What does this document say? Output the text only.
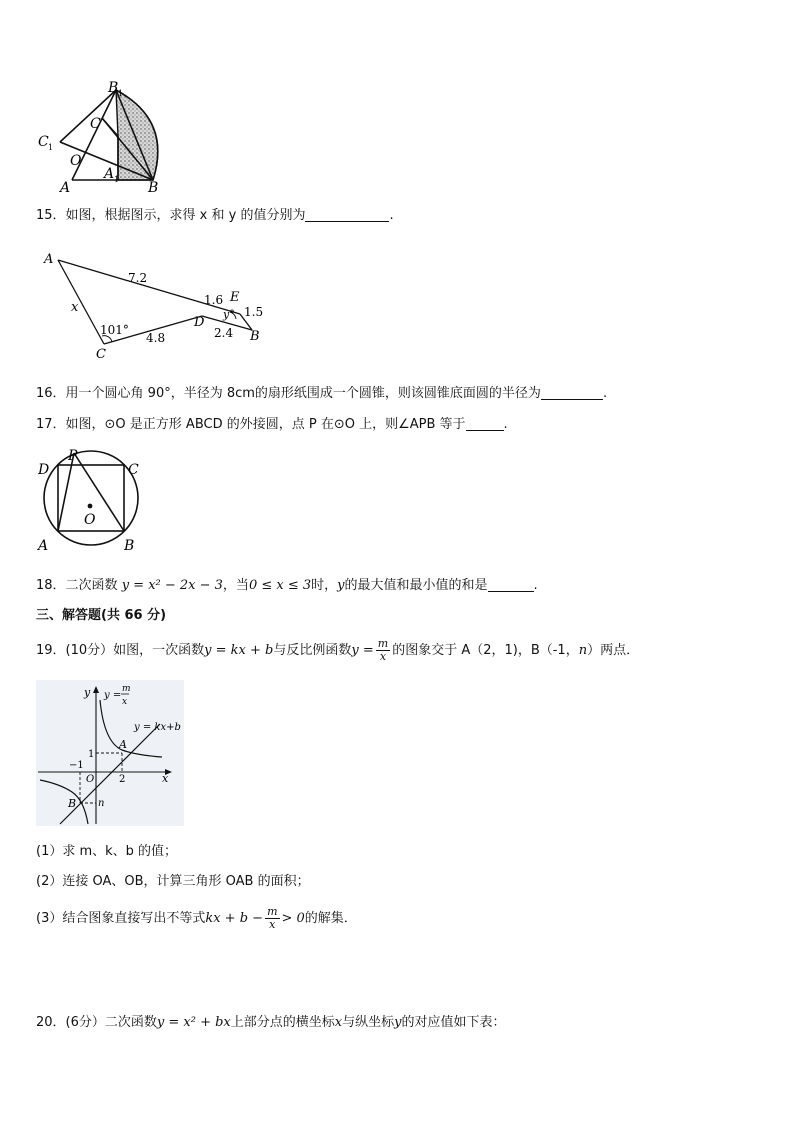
B 1
C 1
C
O
A
A 1
B
15．如图，根据图示，求得 x 和 y 的值分别为	.
A
7.2
x
101°
C
4.8
D
1.6 E
y° 1.5
2.4 B
16．用一个圆心角 90°，半径为 8cm的扇形纸围成一个圆锥，则该圆锥底面圆的半径为	.
17．如图，⊙O 是正方形 ABCD 的外接圆，点 P 在⊙O 上，则∠APB 等于	.
D
P
C
O
A	B
18．二次函数 y = x² − 2x − 3，当0 ≤ x ≤ 3时，y的最大值和最小值的和是	.
三、解答题(共 66 分)
19．(10分）如图，一次函数y = kx + b与反比例函数$y = \frac{m}{x}$ 的图象交于 A（2，1)，B（-1，n）两点．
y y =
m
x
y = kx+b
1
A
−1
O 2	x
B n
(1）求 m、k、b 的值；
(2）连接 OA、OB，计算三角形 OAB 的面积；
(3）结合图象直接写出不等式kx + $b - \frac{m}{x} > 0$的解集．
20．(6分）二次函数y = x² + bx上部分点的横坐标x与纵坐标y的对应值如下表：
